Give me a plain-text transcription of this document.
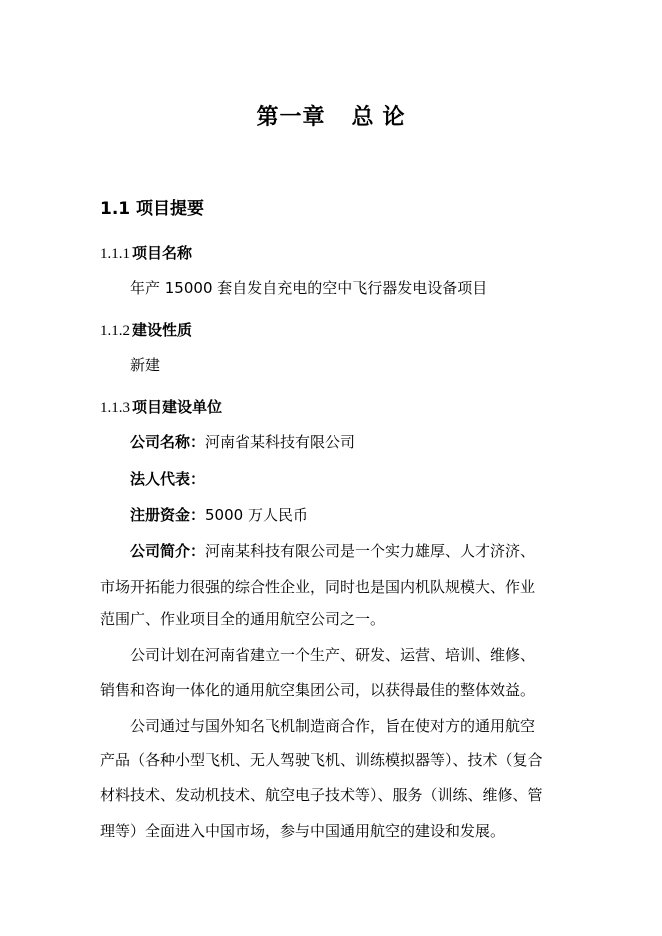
第一章 总 论
1.1 项目提要
1.1.1 项目名称
年产 15000 套自发自充电的空中飞行器发电设备项目
1.1.2 建设性质
新建
1.1.3 项目建设单位
公司名称：河南省某科技有限公司
法人代表：
注册资金：5000 万人民币
公司简介：河南某科技有限公司是一个实力雄厚、人才济济、
市场开拓能力很强的综合性企业，同时也是国内机队规模大、作业
范围广、作业项目全的通用航空公司之一。
公司计划在河南省建立一个生产、研发、运营、培训、维修、
销售和咨询一体化的通用航空集团公司，以获得最佳的整体效益。
公司通过与国外知名飞机制造商合作，旨在使对方的通用航空
产品（各种小型飞机、无人驾驶飞机、训练模拟器等）、技术（复合
材料技术、发动机技术、航空电子技术等）、服务（训练、维修、管
理等）全面进入中国市场，参与中国通用航空的建设和发展。
